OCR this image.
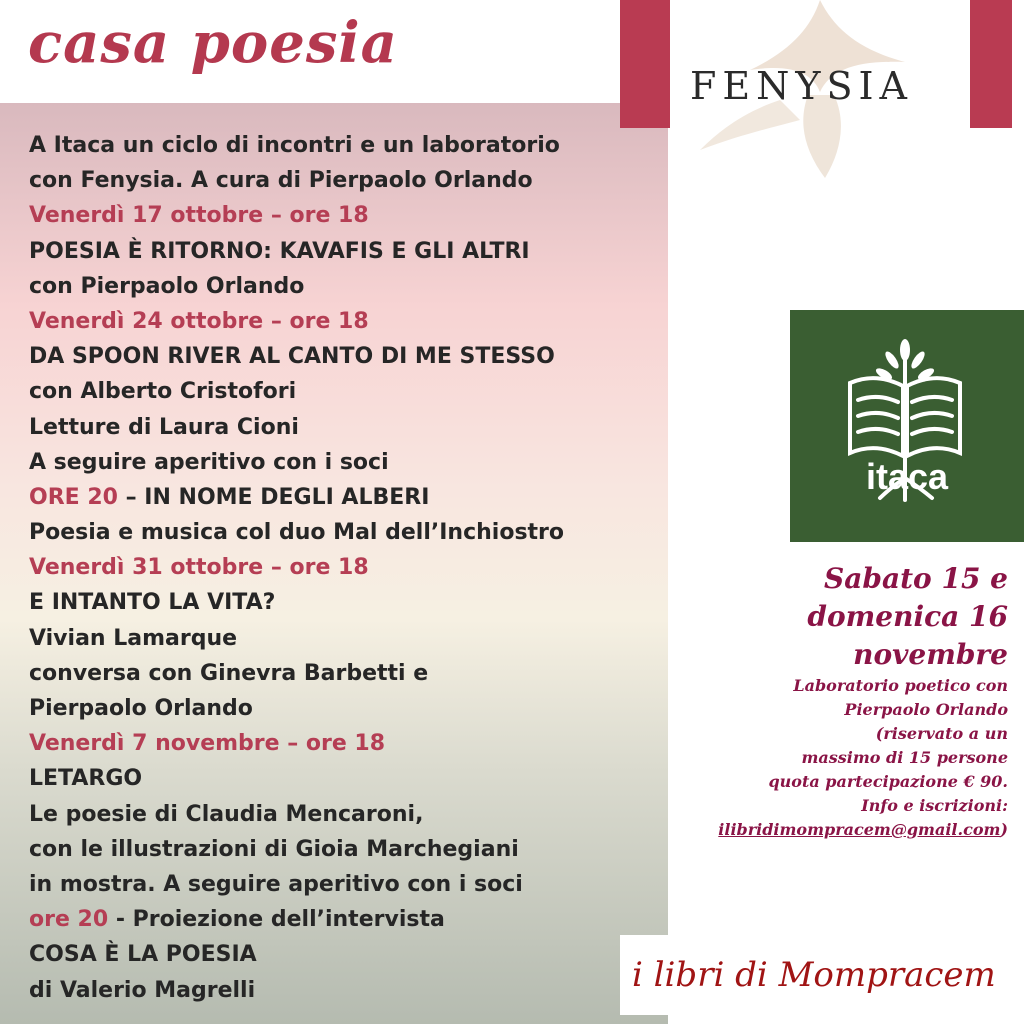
casa poesia
A Itaca un ciclo di incontri e un laboratorio
con Fenysia. A cura di Pierpaolo Orlando
Venerdì 17 ottobre – ore 18
POESIA È RITORNO: KAVAFIS E GLI ALTRI
con Pierpaolo Orlando
Venerdì 24 ottobre – ore 18
DA SPOON RIVER AL CANTO DI ME STESSO
con Alberto Cristofori
Letture di Laura Cioni
A seguire aperitivo con i soci
ORE 20 – IN NOME DEGLI ALBERI
Poesia e musica col duo Mal dell’Inchiostro
Venerdì 31 ottobre – ore 18
E INTANTO LA VITA?
Vivian Lamarque
conversa con Ginevra Barbetti e
Pierpaolo Orlando
Venerdì 7 novembre – ore 18
LETARGO
Le poesie di Claudia Mencaroni,
con le illustrazioni di Gioia Marchegiani
in mostra. A seguire aperitivo con i soci
ore 20 - Proiezione dell’intervista
COSA È LA POESIA
di Valerio Magrelli
FENYSIA
itaca
Sabato 15 e
domenica 16
novembre
Laboratorio poetico con
Pierpaolo Orlando
(riservato a un
massimo di 15 persone
quota partecipazione € 90.
Info e iscrizioni:
ilibridimompracem@gmail.com)
i libri di Mompracem
